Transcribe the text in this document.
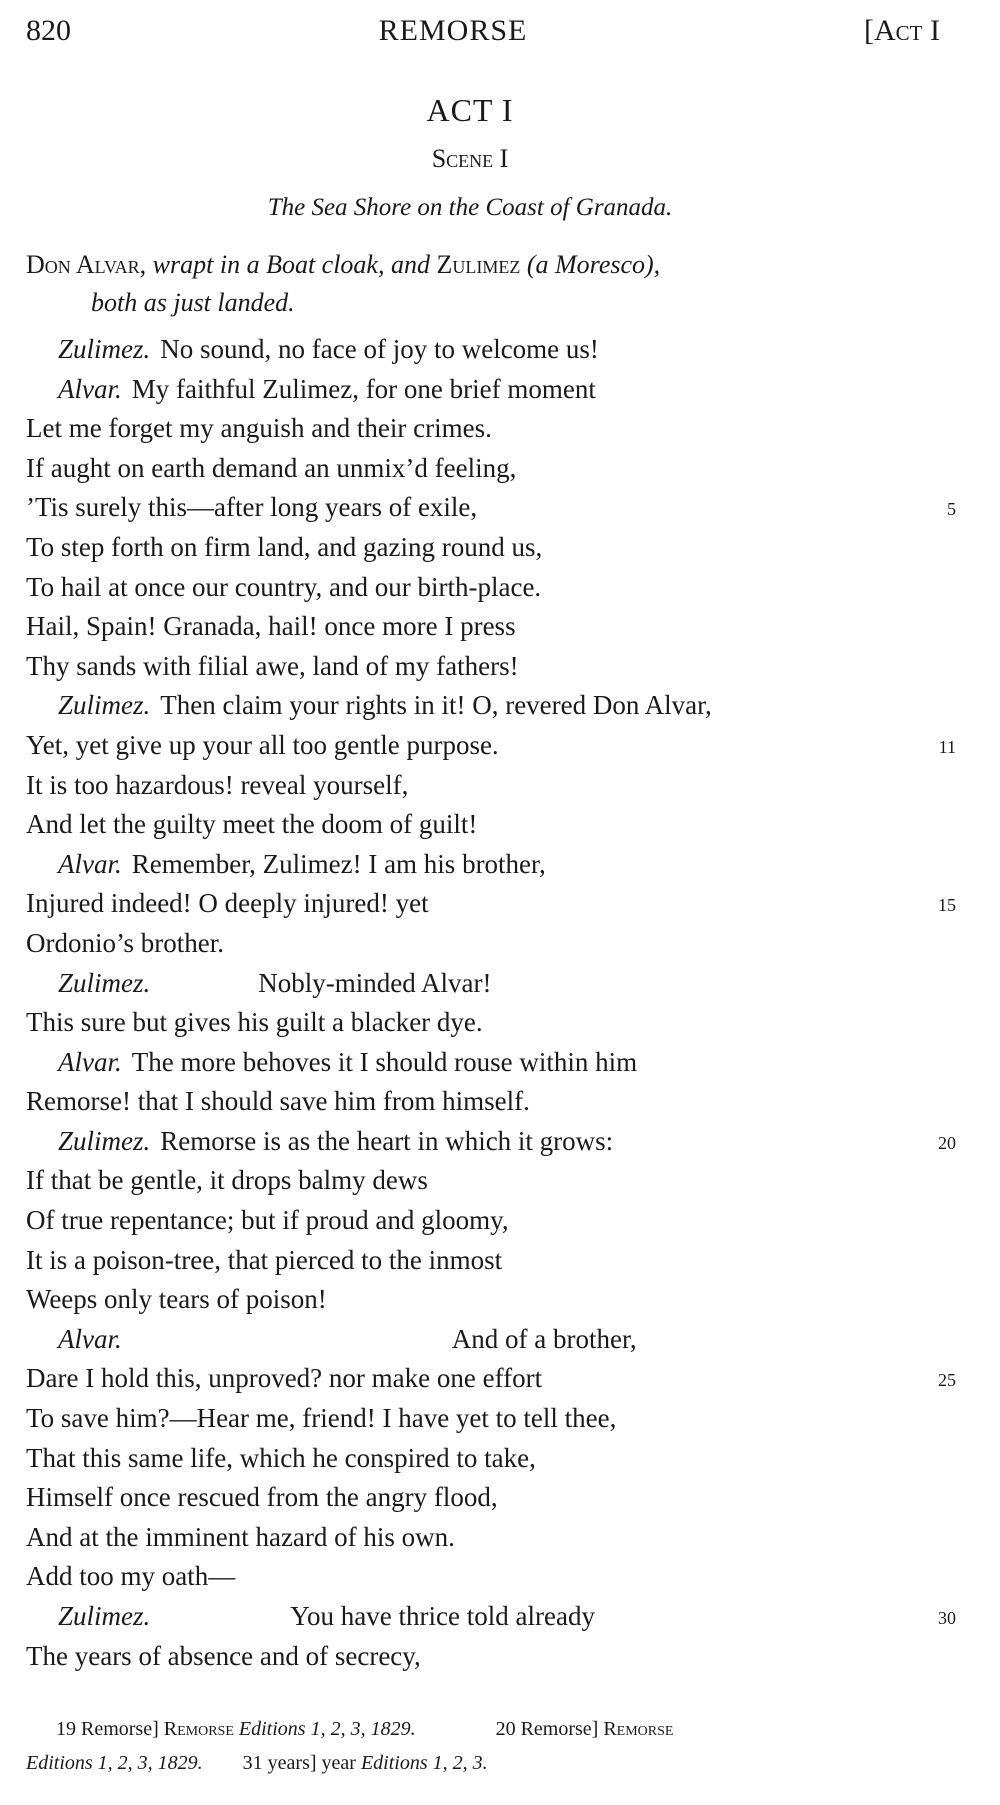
820	REMORSE	[Act I
ACT I
Scene I
The Sea Shore on the Coast of Granada.
Don Alvar, wrapt in a Boat cloak, and Zulimez (a Moresco),
both as just landed.
Zulimez. No sound, no face of joy to welcome us!
Alvar. My faithful Zulimez, for one brief moment
Let me forget my anguish and their crimes.
If aught on earth demand an unmix’d feeling,
’Tis surely this—after long years of exile,	5
To step forth on firm land, and gazing round us,
To hail at once our country, and our birth-place.
Hail, Spain! Granada, hail! once more I press
Thy sands with filial awe, land of my fathers!
Zulimez. Then claim your rights in it! O, revered Don Alvar,
Yet, yet give up your all too gentle purpose.	11
It is too hazardous! reveal yourself,
And let the guilty meet the doom of guilt!
Alvar. Remember, Zulimez! I am his brother,
Injured indeed! O deeply injured! yet	15
Ordonio’s brother.
Zulimez.	Nobly-minded Alvar!
This sure but gives his guilt a blacker dye.
Alvar. The more behoves it I should rouse within him
Remorse! that I should save him from himself.
Zulimez. Remorse is as the heart in which it grows:	20
If that be gentle, it drops balmy dews
Of true repentance; but if proud and gloomy,
It is a poison-tree, that pierced to the inmost
Weeps only tears of poison!
Alvar.	And of a brother,
Dare I hold this, unproved? nor make one effort	25
To save him?—Hear me, friend! I have yet to tell thee,
That this same life, which he conspired to take,
Himself once rescued from the angry flood,
And at the imminent hazard of his own.
Add too my oath—
Zulimez.	You have thrice told already	30
The years of absence and of secrecy,
19 Remorse] Remorse Editions 1, 2, 3, 1829.	20 Remorse] Remorse
Editions 1, 2, 3, 1829. 31 years] year Editions 1, 2, 3.
